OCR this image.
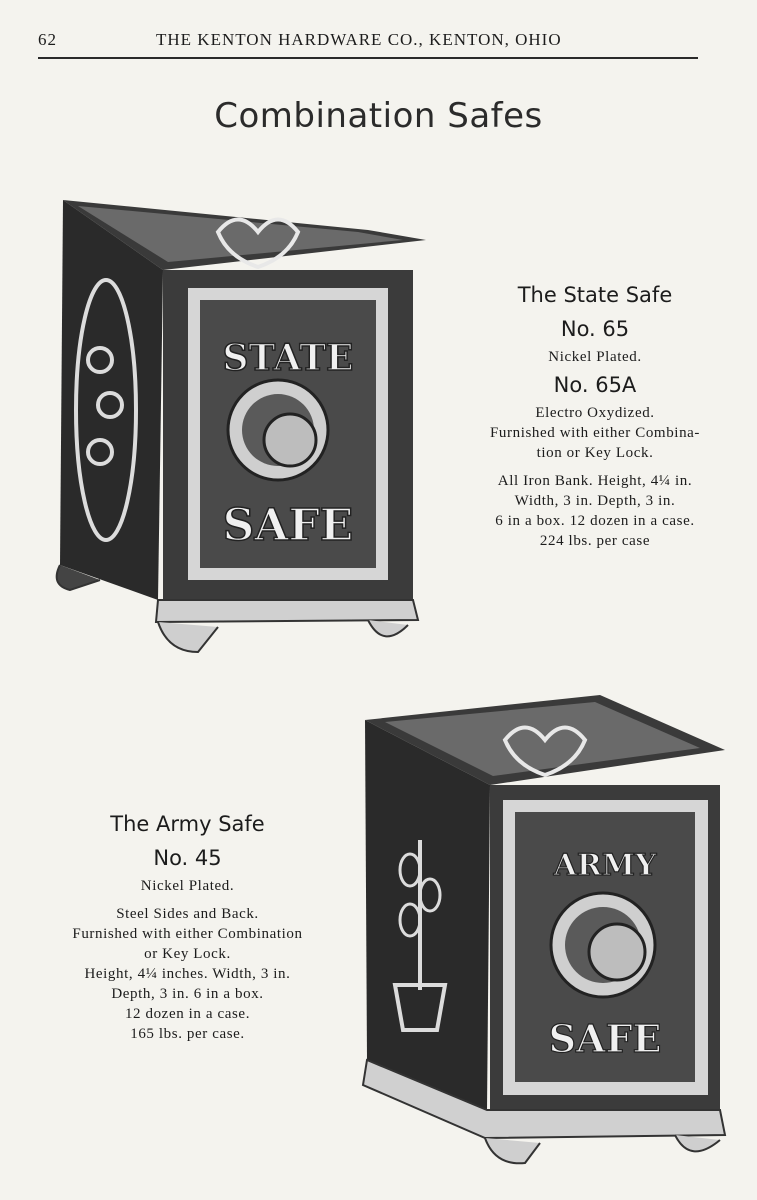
62	THE KENTON HARDWARE CO., KENTON, OHIO
Combination Safes
STATE
SAFE
The State Safe
No. 65
Nickel Plated.
No. 65A
Electro Oxydized.
Furnished with either Combina-
tion or Key Lock.
All Iron Bank. Height, 4¼ in.
Width, 3 in. Depth, 3 in.
6 in a box. 12 dozen in a case.
224 lbs. per case
The Army Safe
No. 45
Nickel Plated.
Steel Sides and Back.
Furnished with either Combination
or Key Lock.
Height, 4¼ inches. Width, 3 in.
Depth, 3 in. 6 in a box.
12 dozen in a case.
165 lbs. per case.
ARMY
SAFE
